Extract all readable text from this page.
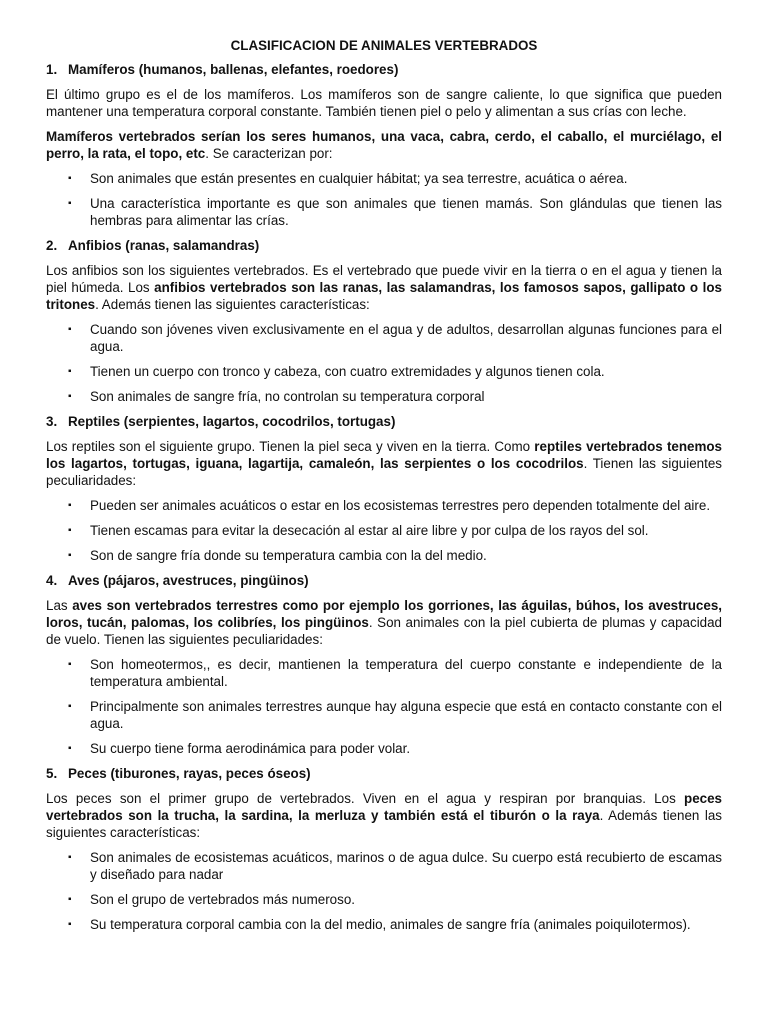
CLASIFICACION DE ANIMALES VERTEBRADOS
1. Mamíferos (humanos, ballenas, elefantes, roedores)

El último grupo es el de los mamíferos. Los mamíferos son de sangre caliente, lo que significa que pueden mantener una temperatura corporal constante. También tienen piel o pelo y alimentan a sus crías con leche.

Mamíferos vertebrados serían los seres humanos, una vaca, cabra, cerdo, el caballo, el murciélago, el perro, la rata, el topo, etc. Se caracterizan por:

▪ Son animales que están presentes en cualquier hábitat; ya sea terrestre, acuática o aérea.
▪ Una característica importante es que son animales que tienen mamás. Son glándulas que tienen las hembras para alimentar las crías.
2. Anfibios (ranas, salamandras)

Los anfibios son los siguientes vertebrados. Es el vertebrado que puede vivir en la tierra o en el agua y tienen la piel húmeda. Los anfibios vertebrados son las ranas, las salamandras, los famosos sapos, gallipato o los tritones. Además tienen las siguientes características:

▪ Cuando son jóvenes viven exclusivamente en el agua y de adultos, desarrollan algunas funciones para el agua.
▪ Tienen un cuerpo con tronco y cabeza, con cuatro extremidades y algunos tienen cola.
▪ Son animales de sangre fría, no controlan su temperatura corporal
3. Reptiles (serpientes, lagartos, cocodrilos, tortugas)

Los reptiles son el siguiente grupo. Tienen la piel seca y viven en la tierra. Como reptiles vertebrados tenemos los lagartos, tortugas, iguana, lagartija, camaleón, las serpientes o los cocodrilos. Tienen las siguientes peculiaridades:

▪ Pueden ser animales acuáticos o estar en los ecosistemas terrestres pero dependen totalmente del aire.
▪ Tienen escamas para evitar la desecación al estar al aire libre y por culpa de los rayos del sol.
▪ Son de sangre fría donde su temperatura cambia con la del medio.
4. Aves (pájaros, avestruces, pingüinos)

Las aves son vertebrados terrestres como por ejemplo los gorriones, las águilas, búhos, los avestruces, loros, tucán, palomas, los colibríes, los pingüinos. Son animales con la piel cubierta de plumas y capacidad de vuelo. Tienen las siguientes peculiaridades:

▪ Son homeotermos,, es decir, mantienen la temperatura del cuerpo constante e independiente de la temperatura ambiental.
▪ Principalmente son animales terrestres aunque hay alguna especie que está en contacto constante con el agua.
▪ Su cuerpo tiene forma aerodinámica para poder volar.
5. Peces (tiburones, rayas, peces óseos)

Los peces son el primer grupo de vertebrados. Viven en el agua y respiran por branquias. Los peces vertebrados son la trucha, la sardina, la merluza y también está el tiburón o la raya. Además tienen las siguientes características:

▪ Son animales de ecosistemas acuáticos, marinos o de agua dulce. Su cuerpo está recubierto de escamas y diseñado para nadar
▪ Son el grupo de vertebrados más numeroso.
▪ Su temperatura corporal cambia con la del medio, animales de sangre fría (animales poiquilotermos).
